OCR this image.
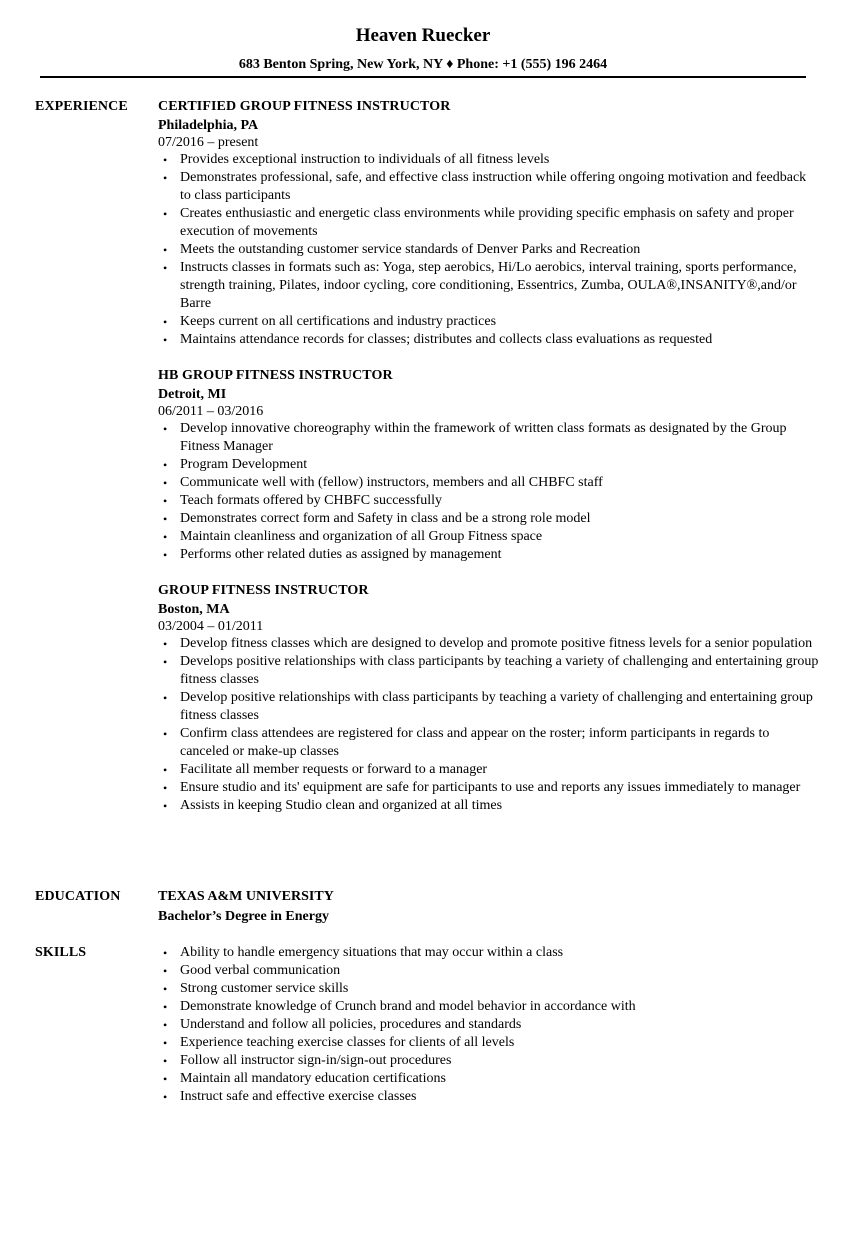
Heaven Ruecker
683 Benton Spring, New York, NY ♦ Phone: +1 (555) 196 2464
EXPERIENCE	CERTIFIED GROUP FITNESS INSTRUCTOR
Philadelphia, PA
07/2016 – present
• Provides exceptional instruction to individuals of all fitness levels
• Demonstrates professional, safe, and effective class instruction while offering ongoing motivation and feedback to class participants
• Creates enthusiastic and energetic class environments while providing specific emphasis on safety and proper execution of movements
• Meets the outstanding customer service standards of Denver Parks and Recreation
• Instructs classes in formats such as: Yoga, step aerobics, Hi/Lo aerobics, interval training, sports performance, strength training, Pilates, indoor cycling, core conditioning, Essentrics, Zumba, OULA®,INSANITY®,and/or Barre
• Keeps current on all certifications and industry practices
• Maintains attendance records for classes; distributes and collects class evaluations as requested
HB GROUP FITNESS INSTRUCTOR
Detroit, MI
06/2011 – 03/2016
• Develop innovative choreography within the framework of written class formats as designated by the Group Fitness Manager
• Program Development
• Communicate well with (fellow) instructors, members and all CHBFC staff
• Teach formats offered by CHBFC successfully
• Demonstrates correct form and Safety in class and be a strong role model
• Maintain cleanliness and organization of all Group Fitness space
• Performs other related duties as assigned by management
GROUP FITNESS INSTRUCTOR
Boston, MA
03/2004 – 01/2011
• Develop fitness classes which are designed to develop and promote positive fitness levels for a senior population
• Develops positive relationships with class participants by teaching a variety of challenging and entertaining group fitness classes
• Develop positive relationships with class participants by teaching a variety of challenging and entertaining group fitness classes
• Confirm class attendees are registered for class and appear on the roster; inform participants in regards to canceled or make-up classes
• Facilitate all member requests or forward to a manager
• Ensure studio and its' equipment are safe for participants to use and reports any issues immediately to manager
• Assists in keeping Studio clean and organized at all times
EDUCATION	TEXAS A&M UNIVERSITY
Bachelor’s Degree in Energy
SKILLS	• Ability to handle emergency situations that may occur within a class
• Good verbal communication
• Strong customer service skills
• Demonstrate knowledge of Crunch brand and model behavior in accordance with
• Understand and follow all policies, procedures and standards
• Experience teaching exercise classes for clients of all levels
• Follow all instructor sign-in/sign-out procedures
• Maintain all mandatory education certifications
• Instruct safe and effective exercise classes
